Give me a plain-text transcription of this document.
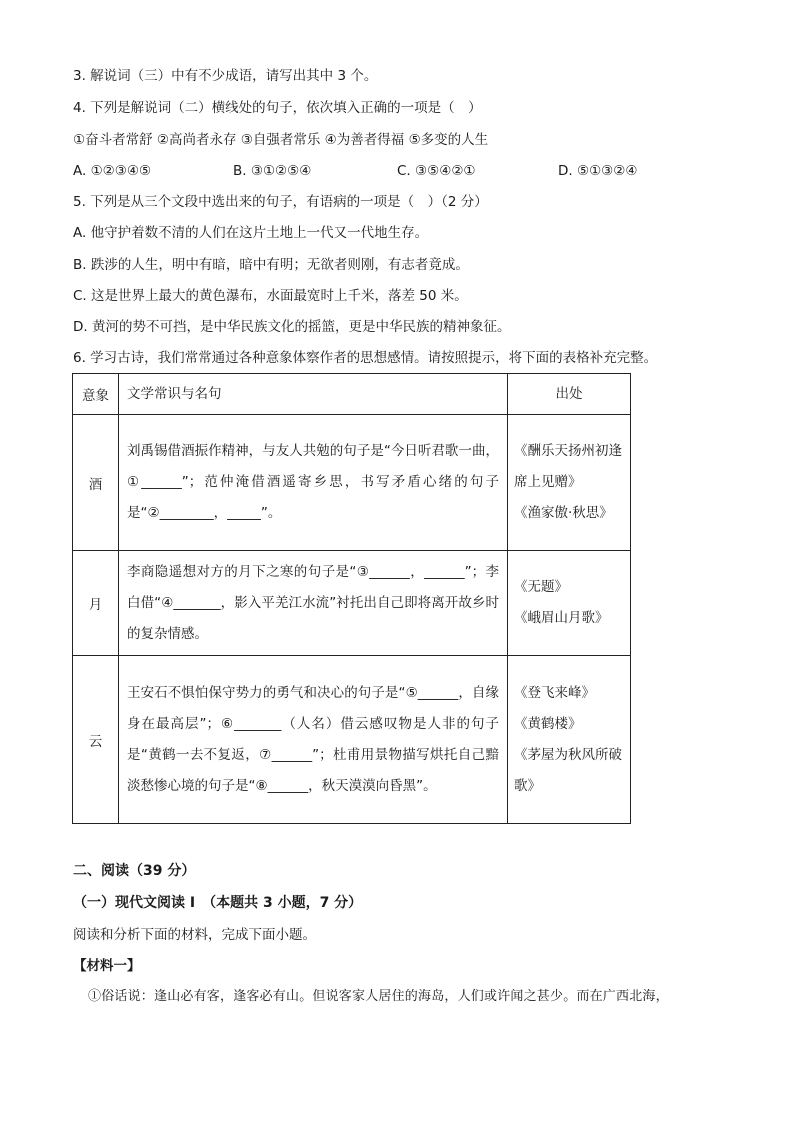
3. 解说词（三）中有不少成语，请写出其中 3 个。
4. 下列是解说词（二）横线处的句子，依次填入正确的一项是（　）
①奋斗者常舒 ②高尚者永存 ③自强者常乐 ④为善者得福 ⑤多变的人生
A. ①②③④⑤	B. ③①②⑤④	C. ③⑤④②①	D. ⑤①③②④
5. 下列是从三个文段中选出来的句子，有语病的一项是（　）（2 分）
A. 他守护着数不清的人们在这片土地上一代又一代地生存。
B. 跌涉的人生，明中有暗，暗中有明；无欲者则刚，有志者竟成。
C. 这是世界上最大的黄色瀑布，水面最宽时上千米，落差 50 米。
D. 黄河的势不可挡，是中华民族文化的摇篮，更是中华民族的精神象征。
6. 学习古诗，我们常常通过各种意象体察作者的思想感情。请按照提示，将下面的表格补充完整。
意象	文学常识与名句	出处
酒	刘禹锡借酒振作精神，与友人共勉的句子是“今日听君歌一曲，①______”；范仲淹借酒遥寄乡思，书写矛盾心绪的句子是“②________，_____”。	《酬乐天扬州初逢席上见赠》
《渔家傲·秋思》

月	李商隐遥想对方的月下之寒的句子是“③______，______”；李白借“④_______，影入平羌江水流”衬托出自己即将离开故乡时的复杂情感。	《无题》
《峨眉山月歌》

云	王安石不惧怕保守势力的勇气和决心的句子是“⑤______，自缘身在最高层”；⑥_______（人名）借云感叹物是人非的句子是“黄鹤一去不复返，⑦______”；杜甫用景物描写烘托自己黯淡愁惨心境的句子是“⑧______，秋天漠漠向昏黑”。	《登飞来峰》
《黄鹤楼》
《茅屋为秋风所破歌》
二、阅读（39 分）
（一）现代文阅读 I　（本题共 3 小题，7 分）
阅读和分析下面的材料，完成下面小题。
【材料一】
①俗话说：逢山必有客，逢客必有山。但说客家人居住的海岛，人们或许闻之甚少。而在广西北海，
